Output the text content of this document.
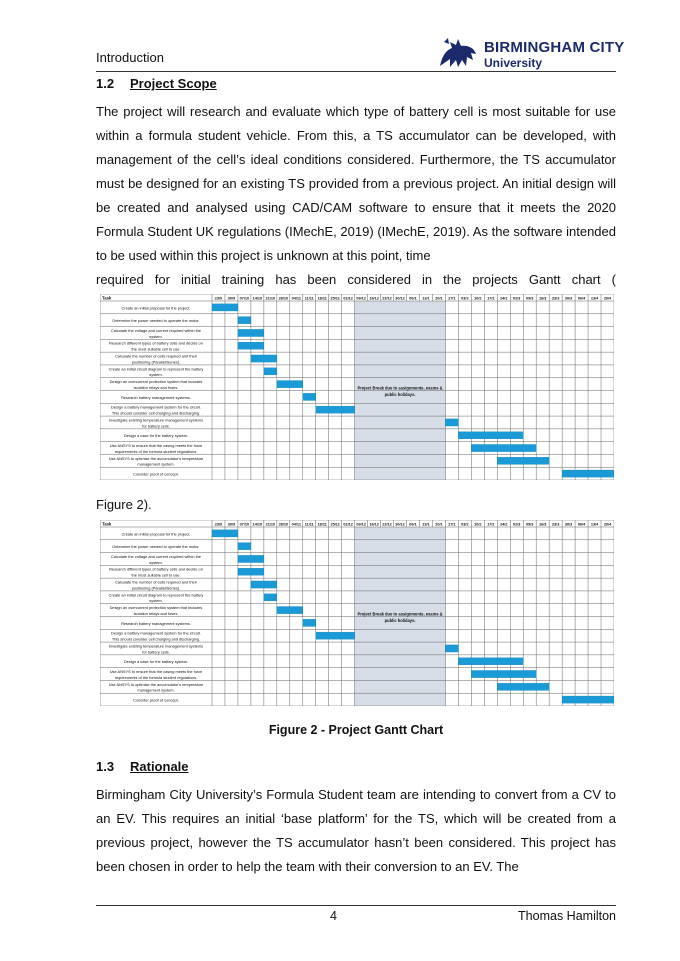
Introduction
BIRMINGHAM CITY
University
1.2 Project Scope
The project will research and evaluate which type of battery cell is most suitable for use within a formula student vehicle. From this, a TS accumulator can be developed, with management of the cell’s ideal conditions considered. Furthermore, the TS accumulator must be designed for an existing TS provided from a previous project. An initial design will be created and analysed using CAD/CAM software to ensure that it meets the 2020 Formula Student UK regulations (IMechE, 2019) (IMechE, 2019). As the software intended to be used within this project is unknown at this point, time
required for initial training has been considered in the projects Gantt chart (
Task	23/9 30/9 07/10 14/10 21/10 28/10 04/11 11/11 18/11 25/11 02/12 09/12 16/12 23/12 30/12 06/1 13/1 20/1 27/1 03/2 10/2 17/2 24/2 02/3 09/3 16/3 23/3 30/3 06/4 13/4 20/4
Create an initial proposal for the project.
Determine the power needed to operate the motor.
Calculate the voltage and current required within the
system.
Research different types of battery cells and decide on
the most suitable cell to use.
Calculate the number of cells required and their
positioning (Parallel/Series).
Create an initial circuit diagram to represent the battery
system.
Design an overcurrent protection system that includes
isolation relays and fuses.
Research battery management systems.
Design a battery management system for the circuit.
This should consider cell charging and discharging.
Investigate existing temperature management systems
for battery cells.
Design a case for the battery system.
Use ANSYS to ensure that the casing meets the force
requirements of the formula student regulations.
Use ANSYS to optimise the accumulator’s temperature
management system.
Concider proof of concept.
Project Break due to assignments, exams &
public holidays.
Figure 2).
Task	23/9 30/9 07/10 14/10 21/10 28/10 04/11 11/11 18/11 25/11 02/12 09/12 16/12 23/12 30/12 06/1 13/1 20/1 27/1 03/2 10/2 17/2 24/2 02/3 09/3 16/3 23/3 30/3 06/4 13/4 20/4
Create an initial proposal for the project.
Determine the power needed to operate the motor.
Calculate the voltage and current required within the
system.
Research different types of battery cells and decide on
the most suitable cell to use.
Calculate the number of cells required and their
positioning (Parallel/Series).
Create an initial circuit diagram to represent the battery
system.
Design an overcurrent protection system that includes
isolation relays and fuses.
Research battery management systems.
Design a battery management system for the circuit.
This should consider cell charging and discharging.
Investigate existing temperature management systems
for battery cells.
Design a case for the battery system.
Use ANSYS to ensure that the casing meets the force
requirements of the formula student regulations.
Use ANSYS to optimise the accumulator’s temperature
management system.
Concider proof of concept.
Project Break due to assignments, exams &
public holidays.
Figure 2 - Project Gantt Chart
1.3 Rationale
Birmingham City University’s Formula Student team are intending to convert from a CV to an EV. This requires an initial ‘base platform’ for the TS, which will be created from a previous project, however the TS accumulator hasn’t been considered. This project has been chosen in order to help the team with their conversion to an EV. The
4	Thomas Hamilton
